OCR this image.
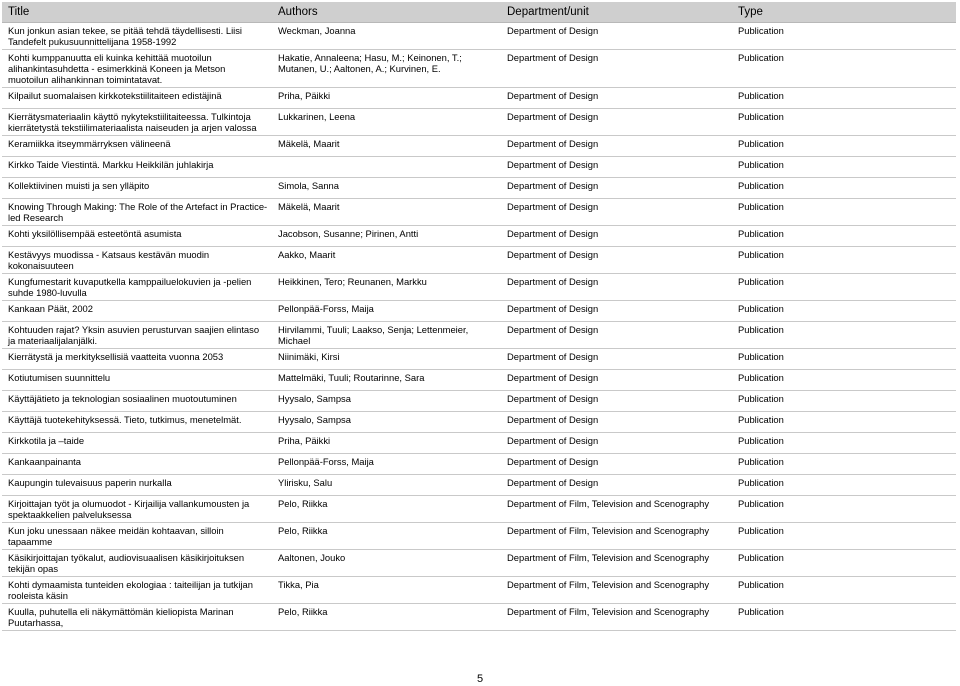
Title	Authors	Department/unit	Type
Kun jonkun asian tekee, se pitää tehdä täydellisesti. Liisi Tandefelt pukusuunnittelijana 1958-1992	Weckman, Joanna	Department of Design	Publication
Kohti kumppanuutta eli kuinka kehittää muotoilun alihankintasuhdetta - esimerkkinä Koneen ja Metson muotoilun alihankinnan toimintatavat.	Hakatie, Annaleena; Hasu, M.; Keinonen, T.; Mutanen, U.; Aaltonen, A.; Kurvinen, E.	Department of Design	Publication
Kilpailut suomalaisen kirkkotekstiilitaiteen edistäjinä	Priha, Päikki	Department of Design	Publication
Kierrätysmateriaalin käyttö nykytekstiilitaiteessa. Tulkintoja kierrätetystä tekstiilimateriaalista naiseuden ja arjen valossa	Lukkarinen, Leena	Department of Design	Publication
Keramiikka itseymmärryksen välineenä	Mäkelä, Maarit	Department of Design	Publication
Kirkko Taide Viestintä. Markku Heikkilän juhlakirja		Department of Design	Publication
Kollektiivinen muisti ja sen ylläpito	Simola, Sanna	Department of Design	Publication
Knowing Through Making: The Role of the Artefact in Practice-led Research	Mäkelä, Maarit	Department of Design	Publication
Kohti yksilöllisempää esteetöntä asumista	Jacobson, Susanne; Pirinen, Antti	Department of Design	Publication
Kestävyys muodissa - Katsaus kestävän muodin kokonaisuuteen	Aakko, Maarit	Department of Design	Publication
Kungfumestarit kuvaputkella kamppailuelokuvien ja -pelien suhde 1980-luvulla	Heikkinen, Tero; Reunanen, Markku	Department of Design	Publication
Kankaan Päät, 2002	Pellonpää-Forss, Maija	Department of Design	Publication
Kohtuuden rajat? Yksin asuvien perusturvan saajien elintaso ja materiaalijalanjälki.	Hirvilammi, Tuuli; Laakso, Senja; Lettenmeier, Michael	Department of Design	Publication
Kierrätystä ja merkityksellisiä vaatteita vuonna 2053	Niinimäki, Kirsi	Department of Design	Publication
Kotiutumisen suunnittelu	Mattelmäki, Tuuli; Routarinne, Sara	Department of Design	Publication
Käyttäjätieto ja teknologian sosiaalinen muotoutuminen	Hyysalo, Sampsa	Department of Design	Publication
Käyttäjä tuotekehityksessä. Tieto, tutkimus, menetelmät.	Hyysalo, Sampsa	Department of Design	Publication
Kirkkotila ja –taide	Priha, Päikki	Department of Design	Publication
Kankaanpainanta	Pellonpää-Forss, Maija	Department of Design	Publication
Kaupungin tulevaisuus paperin nurkalla	Ylirisku, Salu	Department of Design	Publication
Kirjoittajan työt ja olumuodot - Kirjailija vallankumousten ja spektaakkelien palveluksessa	Pelo, Riikka	Department of Film, Television and Scenography	Publication
Kun joku unessaan näkee meidän kohtaavan, silloin tapaamme	Pelo, Riikka	Department of Film, Television and Scenography	Publication
Käsikirjoittajan työkalut, audiovisuaalisen käsikirjoituksen tekijän opas	Aaltonen, Jouko	Department of Film, Television and Scenography	Publication
Kohti dymaamista tunteiden ekologiaa : taiteilijan ja tutkijan rooleista käsin	Tikka, Pia	Department of Film, Television and Scenography	Publication
Kuulla, puhutella eli näkymättömän kieliopista Marinan Puutarhassa,	Pelo, Riikka	Department of Film, Television and Scenography	Publication
5
